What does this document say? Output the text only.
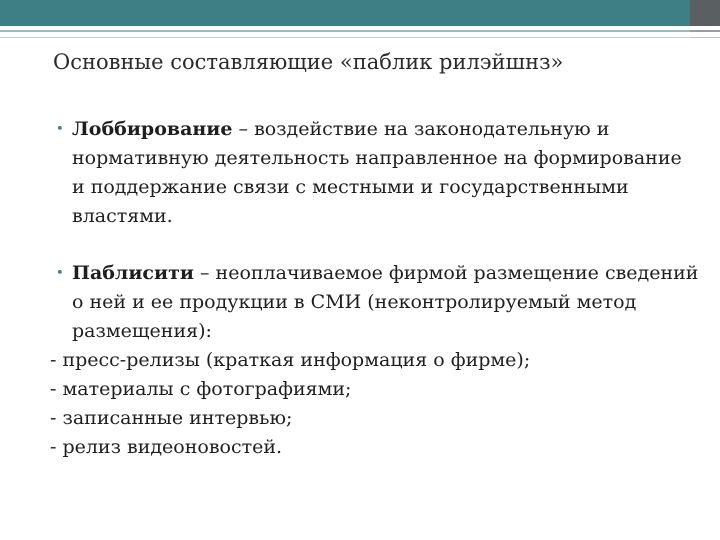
Основные составляющие «паблик рилэйшнз»
• Лоббирование – воздействие на законодательную и нормативную деятельность направленное на формирование и поддержание связи с местными и государственными властями.
• Паблисити – неоплачиваемое фирмой размещение сведений о ней и ее продукции в СМИ (неконтролируемый метод размещения):
- пресс-релизы (краткая информация о фирме);
- материалы с фотографиями;
- записанные интервью;
- релиз видеоновостей.
